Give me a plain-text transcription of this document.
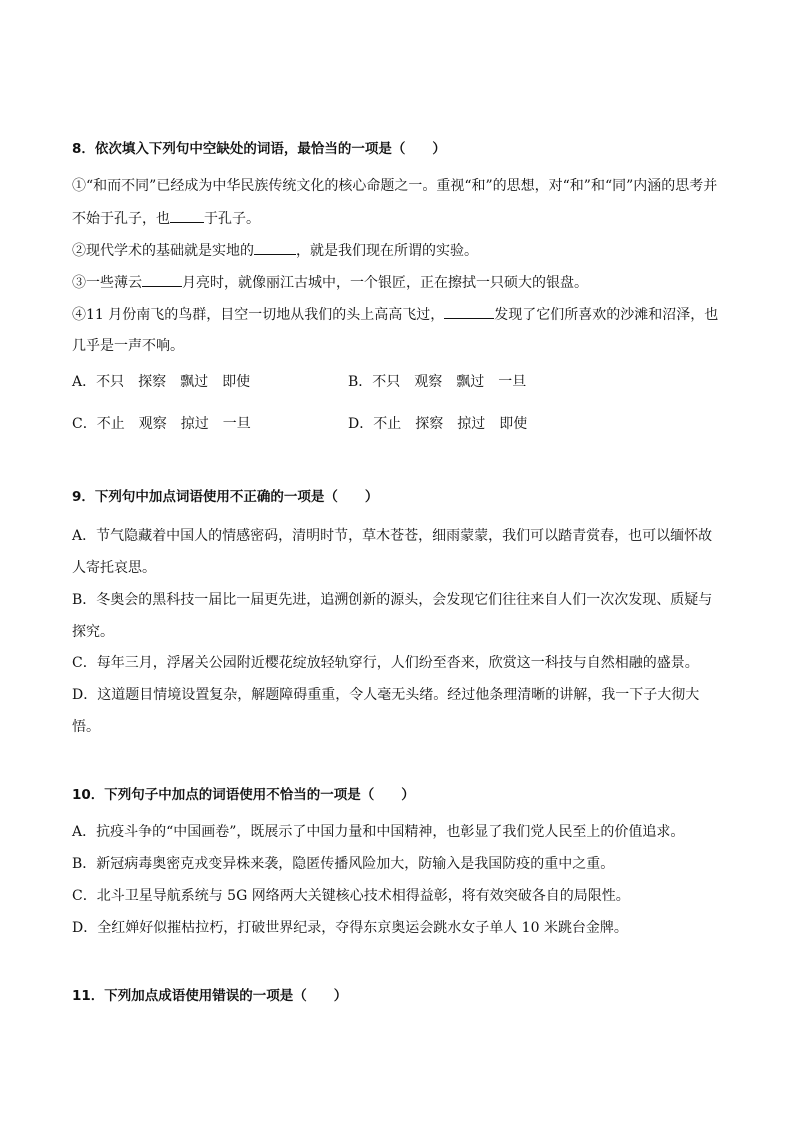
8．依次填入下列句中空缺处的词语，最恰当的一项是（　　）
①“和而不同”已经成为中华民族传统文化的核心命题之一。重视“和”的思想，对“和”和“同”内涵的思考并
不始于孔子，也 于孔子。
②现代学术的基础就是实地的	，就是我们现在所谓的实验。
③一些薄云	月亮时，就像丽江古城中，一个银匠，正在擦拭一只硕大的银盘。
④11 月份南飞的鸟群，目空一切地从我们的头上高高飞过，	发现了它们所喜欢的沙滩和沼泽，也
几乎是一声不响。
A．不只　探察　飘过　即使	B．不只　观察　飘过　一旦
C．不止　观察　掠过　一旦	D．不止　探察　掠过　即使
9．下列句中加点词语使用不正确的一项是（　　）
A．节气隐藏着中国人的情感密码，清明时节，草木苍苍，细雨蒙蒙，我们可以踏青赏春，也可以缅怀故
人寄托哀思。
B．冬奥会的黑科技一届比一届更先进，追溯创新的源头，会发现它们往往来自人们一次次发现、质疑与
探究。
C．每年三月，浮屠关公园附近樱花绽放轻轨穿行，人们纷至沓来，欣赏这一科技与自然相融的盛景。
D．这道题目情境设置复杂，解题障碍重重，令人毫无头绪。经过他条理清晰的讲解，我一下子大彻大
悟。
10．下列句子中加点的词语使用不恰当的一项是（　　）
A．抗疫斗争的“中国画卷”，既展示了中国力量和中国精神，也彰显了我们党人民至上的价值追求。
B．新冠病毒奥密克戎变异株来袭，隐匿传播风险加大，防输入是我国防疫的重中之重。
C．北斗卫星导航系统与 5G 网络两大关键核心技术相得益彰，将有效突破各自的局限性。
D．全红婵好似摧枯拉朽，打破世界纪录，夺得东京奥运会跳水女子单人 10 米跳台金牌。
11．下列加点成语使用错误的一项是（　　）
